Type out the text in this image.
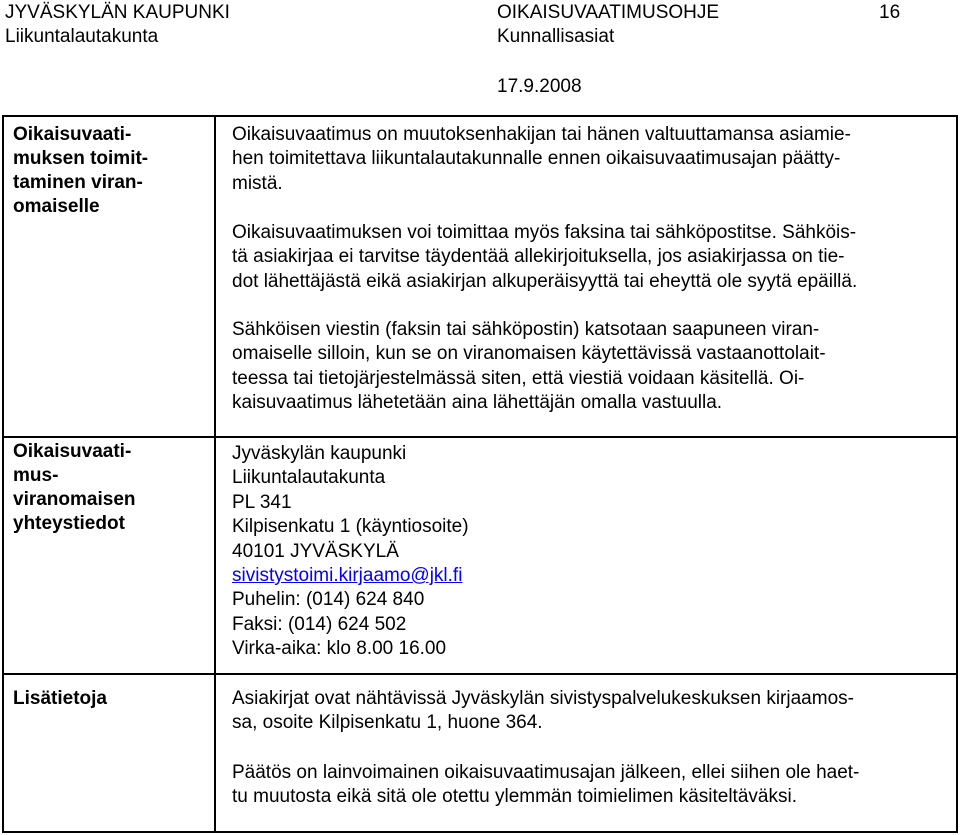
JYVÄSKYLÄN KAUPUNKI
Liikuntalautakunta
OIKAISUVAATIMUSOHJE
Kunnallisasiat
16
17.9.2008
Oikaisuvaati-
muksen toimit-
taminen viran-
omaiselle

Oikaisuvaatimus on muutoksenhakijan tai hänen valtuuttamansa asiamie-
hen toimitettava liikuntalautakunnalle ennen oikaisuvaatimusajan päätty-
mistä.

Oikaisuvaatimuksen voi toimittaa myös faksina tai sähköpostitse. Sähköis-
tä asiakirjaa ei tarvitse täydentää allekirjoituksella, jos asiakirjassa on tie-
dot lähettäjästä eikä asiakirjan alkuperäisyyttä tai eheyttä ole syytä epäillä.

Sähköisen viestin (faksin tai sähköpostin) katsotaan saapuneen viran-
omaiselle silloin, kun se on viranomaisen käytettävissä vastaanottolait-
teessa tai tietojärjestelmässä siten, että viestiä voidaan käsitellä. Oi-
kaisuvaatimus lähetetään aina lähettäjän omalla vastuulla.

Oikaisuvaati-
mus-
viranomaisen
yhteystiedot
Jyväskylän kaupunki
Liikuntalautakunta
PL 341
Kilpisenkatu 1 (käyntiosoite)
40101 JYVÄSKYLÄ
sivistystoimi.kirjaamo@jkl.fi
Puhelin: (014) 624 840
Faksi: (014) 624 502
Virka-aika: klo 8.00 16.00
Lisätietoja	Asiakirjat ovat nähtävissä Jyväskylän sivistyspalvelukeskuksen kirjaamos-
sa, osoite Kilpisenkatu 1, huone 364.

Päätös on lainvoimainen oikaisuvaatimusajan jälkeen, ellei siihen ole haet-
tu muutosta eikä sitä ole otettu ylemmän toimielimen käsiteltäväksi.
